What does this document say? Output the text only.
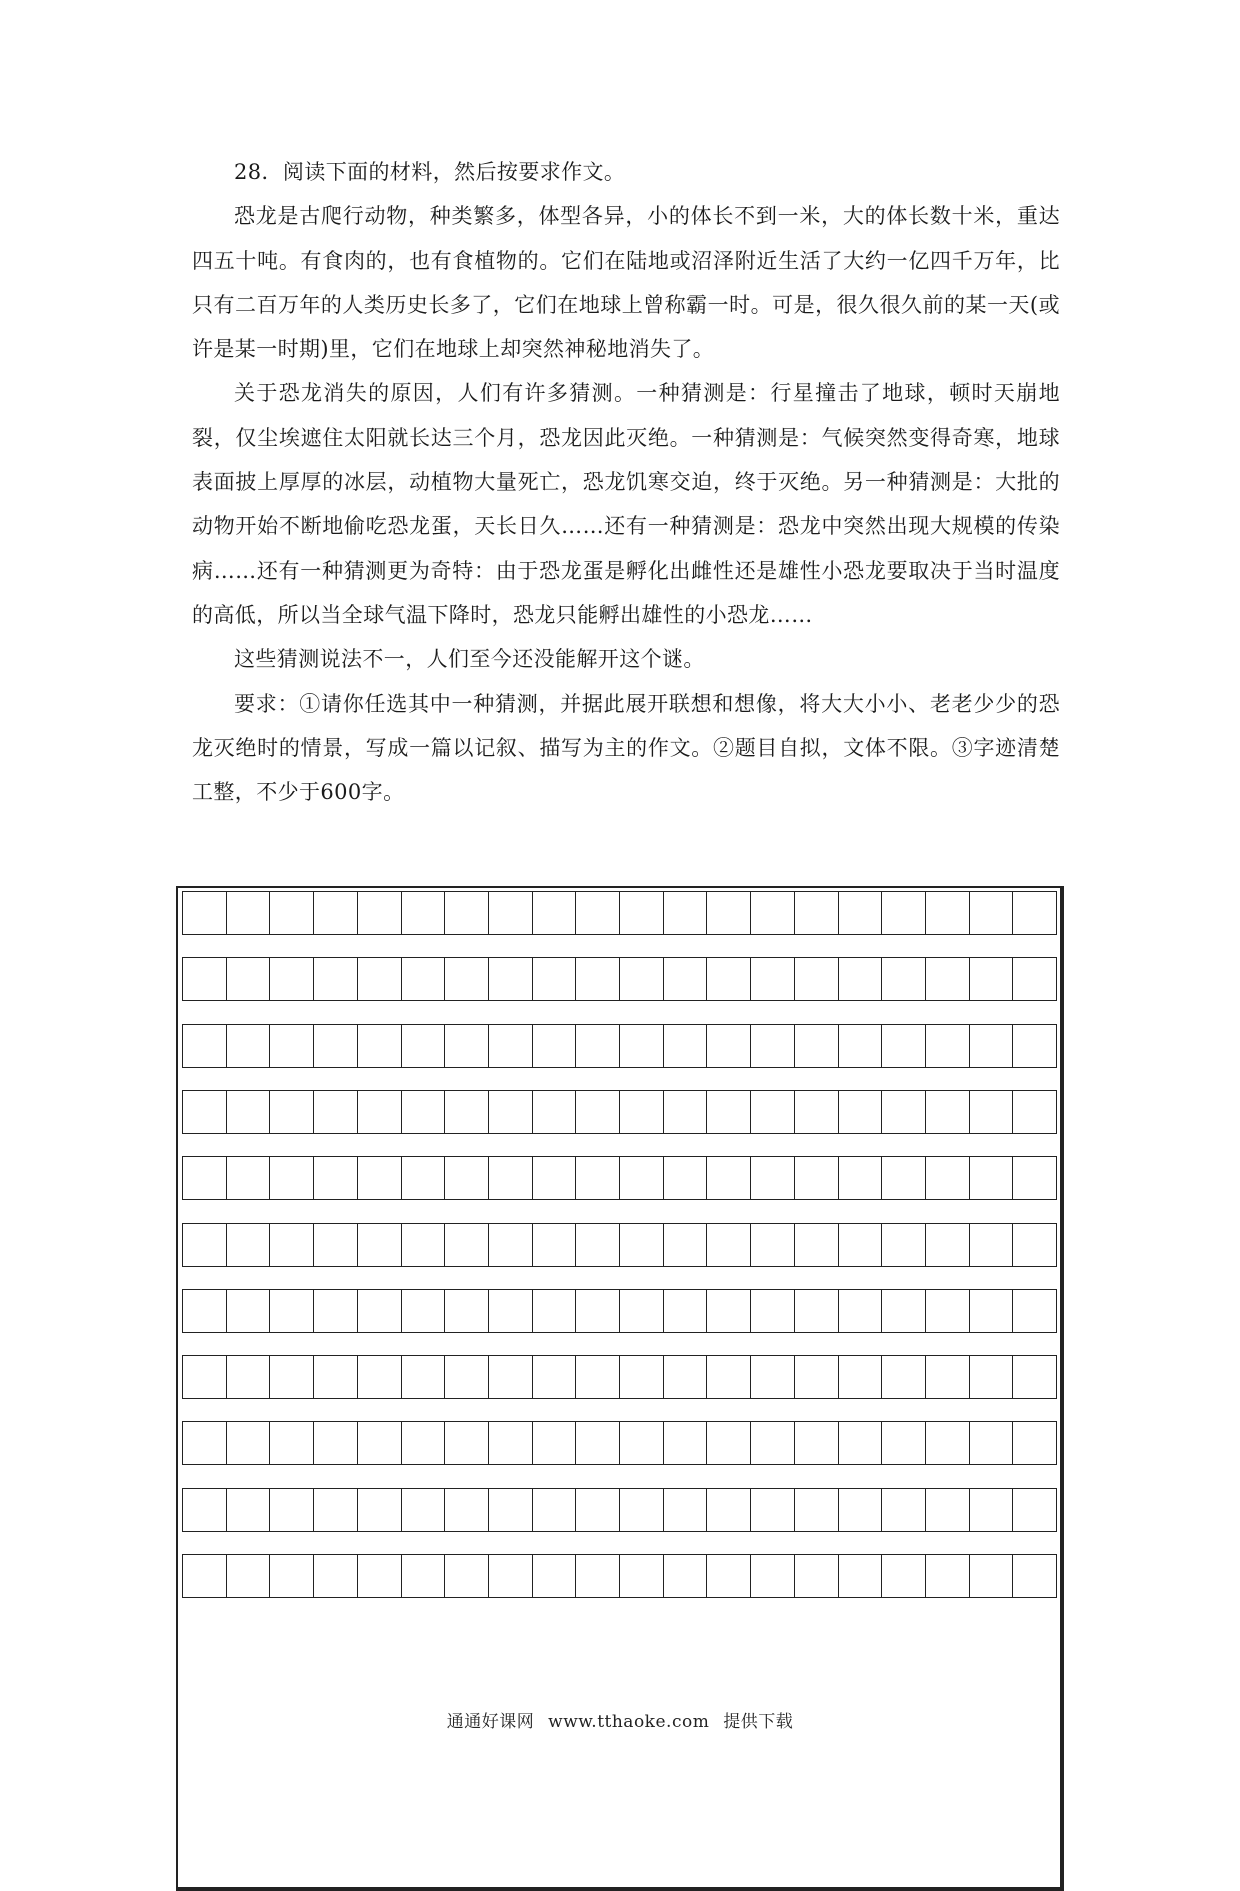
28．阅读下面的材料，然后按要求作文。

恐龙是古爬行动物，种类繁多，体型各异，小的体长不到一米，大的体长数十米，重达四五十吨。有食肉的，也有食植物的。它们在陆地或沼泽附近生活了大约一亿四千万年，比只有二百万年的人类历史长多了，它们在地球上曾称霸一时。可是，很久很久前的某一天(或许是某一时期)里，它们在地球上却突然神秘地消失了。

关于恐龙消失的原因，人们有许多猜测。一种猜测是：行星撞击了地球，顿时天崩地裂，仅尘埃遮住太阳就长达三个月，恐龙因此灭绝。一种猜测是：气候突然变得奇寒，地球表面披上厚厚的冰层，动植物大量死亡，恐龙饥寒交迫，终于灭绝。另一种猜测是：大批的动物开始不断地偷吃恐龙蛋，天长日久……还有一种猜测是：恐龙中突然出现大规模的传染病……还有一种猜测更为奇特：由于恐龙蛋是孵化出雌性还是雄性小恐龙要取决于当时温度的高低，所以当全球气温下降时，恐龙只能孵出雄性的小恐龙……

这些猜测说法不一，人们至今还没能解开这个谜。

要求：①请你任选其中一种猜测，并据此展开联想和想像，将大大小小、老老少少的恐龙灭绝时的情景，写成一篇以记叙、描写为主的作文。②题目自拟，文体不限。③字迹清楚工整，不少于600字。

通通好课网 www.tthaoke.com 提供下载
